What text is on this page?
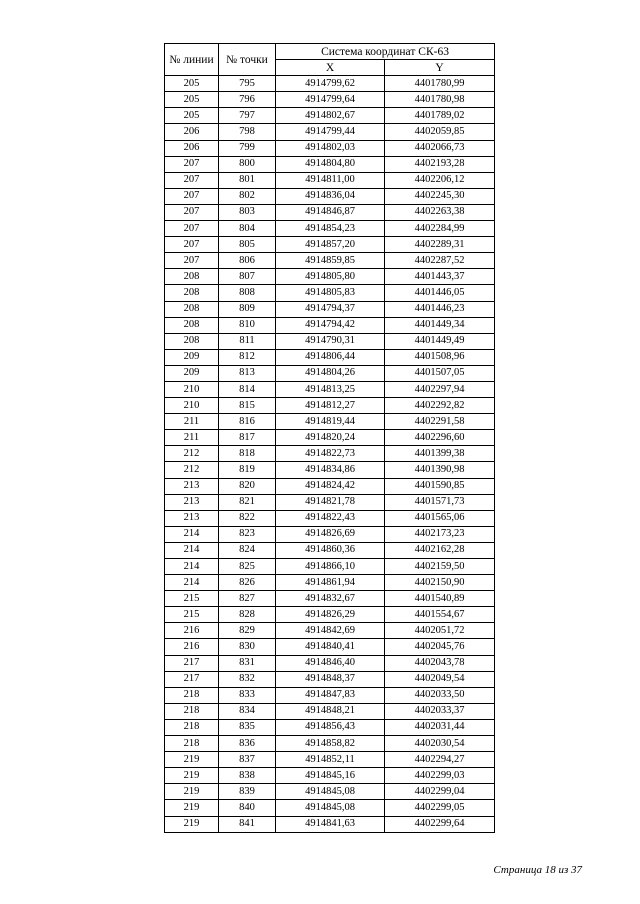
№ линии	№ точки	Система координат СК-63	
		X	Y
205	795	4914799,62	4401780,99
205	796	4914799,64	4401780,98
205	797	4914802,67	4401789,02
206	798	4914799,44	4402059,85
206	799	4914802,03	4402066,73
207	800	4914804,80	4402193,28
207	801	4914811,00	4402206,12
207	802	4914836,04	4402245,30
207	803	4914846,87	4402263,38
207	804	4914854,23	4402284,99
207	805	4914857,20	4402289,31
207	806	4914859,85	4402287,52
208	807	4914805,80	4401443,37
208	808	4914805,83	4401446,05
208	809	4914794,37	4401446,23
208	810	4914794,42	4401449,34
208	811	4914790,31	4401449,49
209	812	4914806,44	4401508,96
209	813	4914804,26	4401507,05
210	814	4914813,25	4402297,94
210	815	4914812,27	4402292,82
211	816	4914819,44	4402291,58
211	817	4914820,24	4402296,60
212	818	4914822,73	4401399,38
212	819	4914834,86	4401390,98
213	820	4914824,42	4401590,85
213	821	4914821,78	4401571,73
213	822	4914822,43	4401565,06
214	823	4914826,69	4402173,23
214	824	4914860,36	4402162,28
214	825	4914866,10	4402159,50
214	826	4914861,94	4402150,90
215	827	4914832,67	4401540,89
215	828	4914826,29	4401554,67
216	829	4914842,69	4402051,72
216	830	4914840,41	4402045,76
217	831	4914846,40	4402043,78
217	832	4914848,37	4402049,54
218	833	4914847,83	4402033,50
218	834	4914848,21	4402033,37
218	835	4914856,43	4402031,44
218	836	4914858,82	4402030,54
219	837	4914852,11	4402294,27
219	838	4914845,16	4402299,03
219	839	4914845,08	4402299,04
219	840	4914845,08	4402299,05
219	841	4914841,63	4402299,64
Страница 18 из 37
